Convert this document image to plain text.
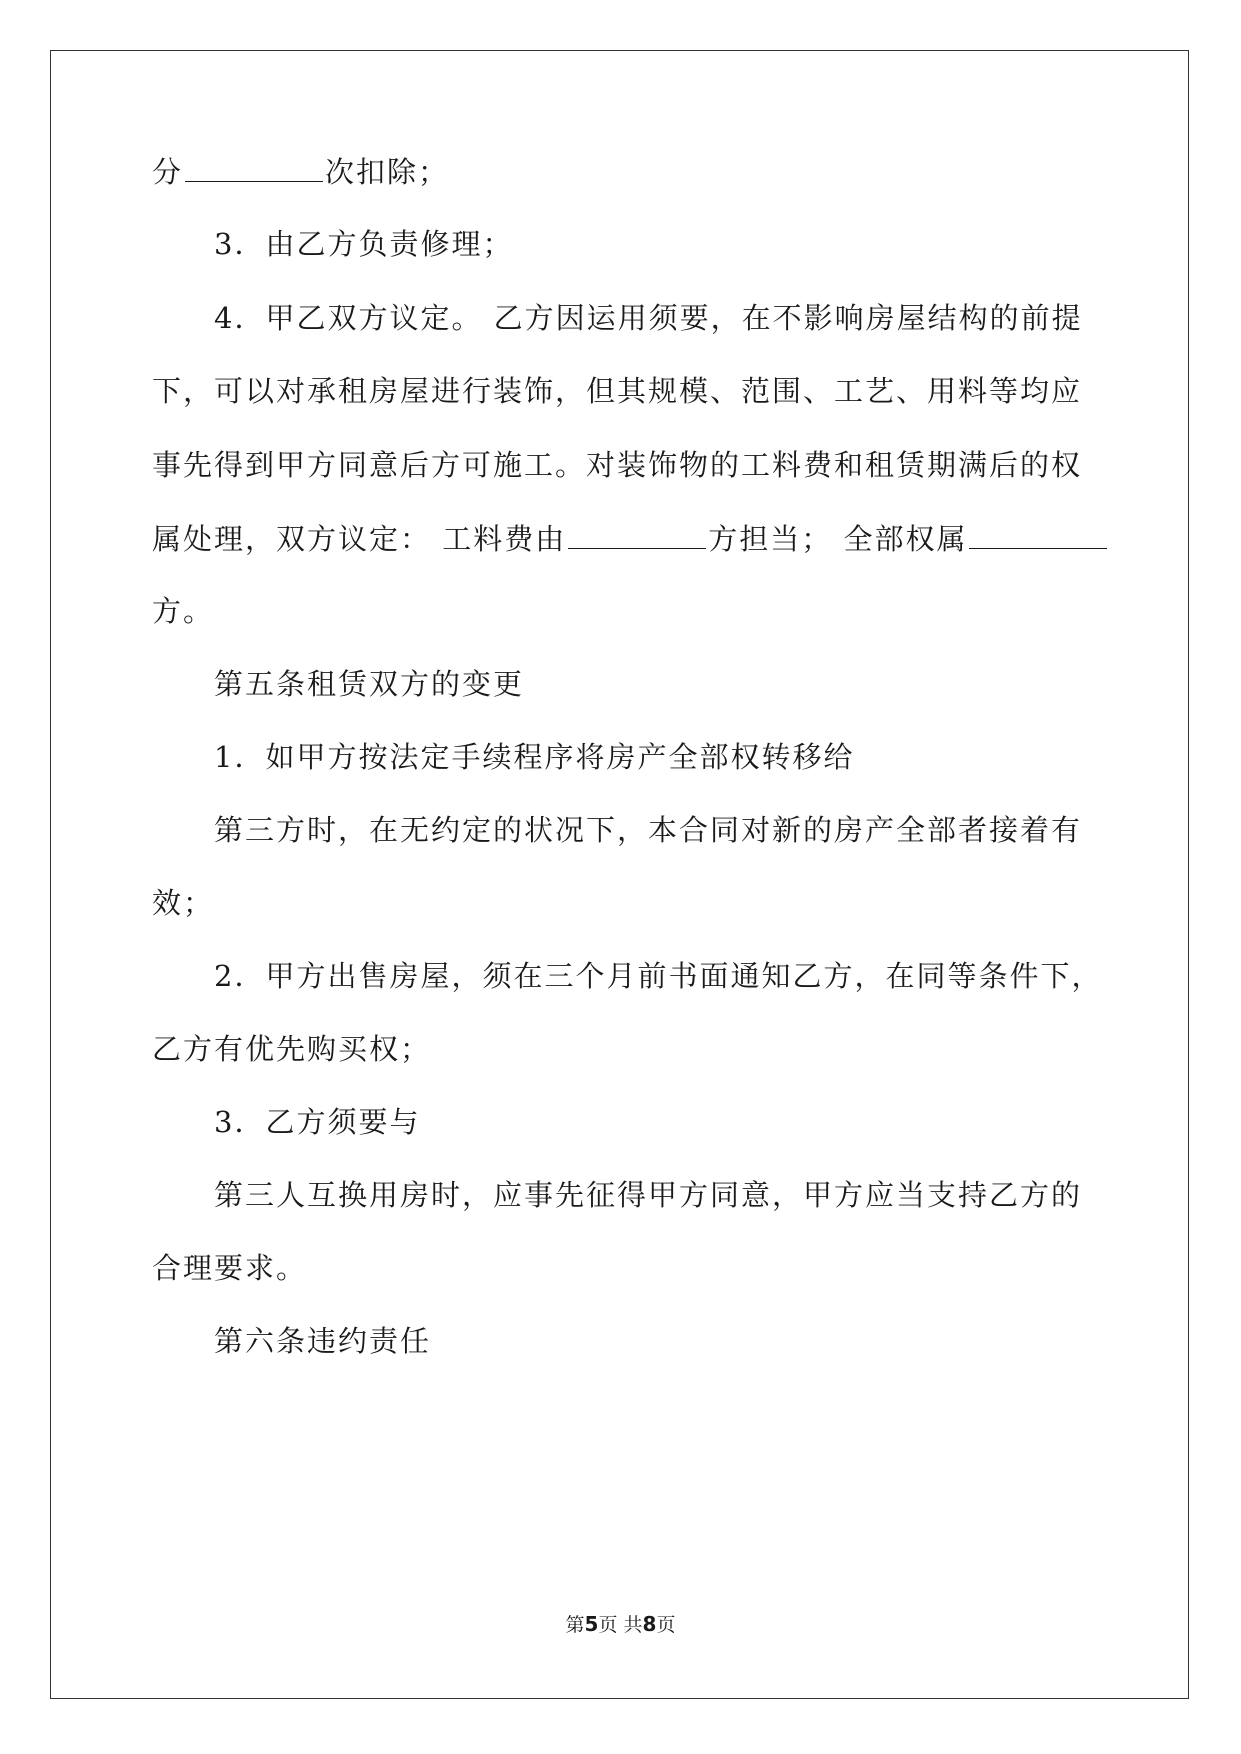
分	次扣除；
3．由乙方负责修理；
4．甲乙双方议定。 乙方因运用须要，在不影响房屋结构的前提
下，可以对承租房屋进行装饰，但其规模、范围、工艺、用料等均应
事先得到甲方同意后方可施工。对装饰物的工料费和租赁期满后的权
属处理，双方议定： 工料费由	方担当； 全部权属
方。
第五条租赁双方的变更
1．如甲方按法定手续程序将房产全部权转移给
第三方时，在无约定的状况下，本合同对新的房产全部者接着有
效；
2．甲方出售房屋，须在三个月前书面通知乙方，在同等条件下，
乙方有优先购买权；
3．乙方须要与
第三人互换用房时，应事先征得甲方同意，甲方应当支持乙方的
合理要求。
第六条违约责任
第5页 共8页
